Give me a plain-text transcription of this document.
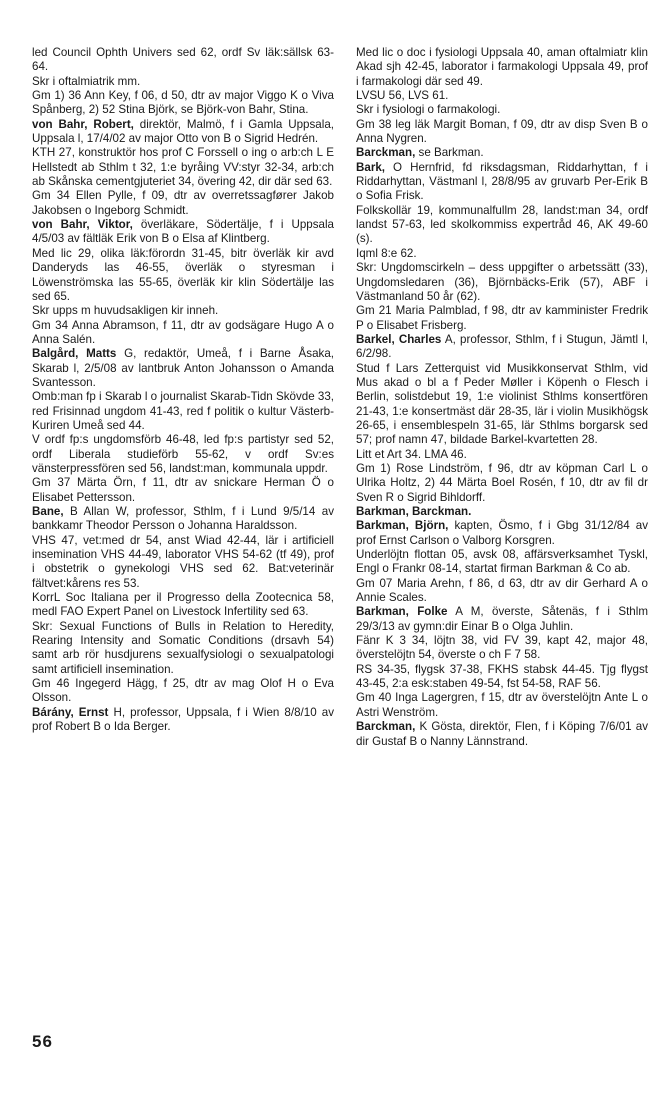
led Council Ophth Univers sed 62, ordf Sv läk:sällsk 63-64.

Skr i oftalmiatrik mm.

Gm 1) 36 Ann Key, f 06, d 50, dtr av major Viggo K o Viva Spånberg, 2) 52 Stina Björk, se Björk-von Bahr, Stina.

von Bahr, Robert, direktör, Malmö, f i Gamla Uppsala, Uppsala l, 17/4/02 av major Otto von B o Sigrid Hedrén.

KTH 27, konstruktör hos prof C Forssell o ing o arb:ch L E Hellstedt ab Sthlm t 32, 1:e byråing VV:styr 32-34, arb:ch ab Skånska cementgjuteriet 34, övering 42, dir där sed 63.

Gm 34 Ellen Pylle, f 09, dtr av overretssagfører Jakob Jakobsen o Ingeborg Schmidt.

von Bahr, Viktor, överläkare, Södertälje, f i Uppsala 4/5/03 av fältläk Erik von B o Elsa af Klintberg.

Med lic 29, olika läk:förordn 31-45, bitr överläk kir avd Danderyds las 46-55, överläk o styresman i Löwenströmska las 55-65, överläk kir klin Södertälje las sed 65.

Skr upps m huvudsakligen kir inneh.

Gm 34 Anna Abramson, f 11, dtr av godsägare Hugo A o Anna Salén.

Balgård, Matts G, redaktör, Umeå, f i Barne Åsaka, Skarab l, 2/5/08 av lantbruk Anton Johansson o Amanda Svantesson.

Omb:man fp i Skarab l o journalist Skarab-Tidn Skövde 33, red Frisinnad ungdom 41-43, red f politik o kultur Västerb-Kuriren Umeå sed 44.

V ordf fp:s ungdomsförb 46-48, led fp:s partistyr sed 52, ordf Liberala studieförb 55-62, v ordf Sv:es vänsterpressfören sed 56, landst:man, kommunala uppdr.

Gm 37 Märta Örn, f 11, dtr av snickare Herman Ö o Elisabet Pettersson.

Bane, B Allan W, professor, Sthlm, f i Lund 9/5/14 av bankkamr Theodor Persson o Johanna Haraldsson.

VHS 47, vet:med dr 54, anst Wiad 42-44, lär i artificiell insemination VHS 44-49, laborator VHS 54-62 (tf 49), prof i obstetrik o gynekologi VHS sed 62. Bat:veterinär fältvet:kårens res 53.

KorrL Soc Italiana per il Progresso della Zootecnica 58, medl FAO Expert Panel on Livestock Infertility sed 63.

Skr: Sexual Functions of Bulls in Relation to Heredity, Rearing Intensity and Somatic Conditions (drsavh 54) samt arb rör husdjurens sexualfysiologi o sexualpatologi samt artificiell insemination.

Gm 46 Ingegerd Hägg, f 25, dtr av mag Olof H o Eva Olsson.

Bárány, Ernst H, professor, Uppsala, f i Wien 8/8/10 av prof Robert B o Ida Berger.

Med lic o doc i fysiologi Uppsala 40, aman oftalmiatr klin Akad sjh 42-45, laborator i farmakologi Uppsala 49, prof i farmakologi där sed 49.

LVSU 56, LVS 61.

Skr i fysiologi o farmakologi.

Gm 38 leg läk Margit Boman, f 09, dtr av disp Sven B o Anna Nygren.

Barckman, se Barkman.

Bark, O Hernfrid, fd riksdagsman, Riddarhyttan, f i Riddarhyttan, Västmanl l, 28/8/95 av gruvarb Per-Erik B o Sofia Frisk.

Folkskollär 19, kommunalfullm 28, landst:man 34, ordf landst 57-63, led skolkommiss expertråd 46, AK 49-60 (s).

Iqml 8:e 62.

Skr: Ungdomscirkeln – dess uppgifter o arbetssätt (33), Ungdomsledaren (36), Björnbäcks-Erik (57), ABF i Västmanland 50 år (62).

Gm 21 Maria Palmblad, f 98, dtr av kamminister Fredrik P o Elisabet Frisberg.

Barkel, Charles A, professor, Sthlm, f i Stugun, Jämtl l, 6/2/98.

Stud f Lars Zetterquist vid Musikkonservat Sthlm, vid Mus akad o bl a f Peder Møller i Köpenh o Flesch i Berlin, solistdebut 19, 1:e violinist Sthlms konsertfören 21-43, 1:e konsertmäst där 28-35, lär i violin Musikhögsk 26-65, i ensemblespeln 31-65, lär Sthlms borgarsk sed 57; prof namn 47, bildade Barkel-kvartetten 28.

Litt et Art 34. LMA 46.

Gm 1) Rose Lindström, f 96, dtr av köpman Carl L o Ulrika Holtz, 2) 44 Märta Boel Rosén, f 10, dtr av fil dr Sven R o Sigrid Bihldorff.

Barkman, Barckman.

Barkman, Björn, kapten, Ösmo, f i Gbg 31/12/84 av prof Ernst Carlson o Valborg Korsgren.

Underlöjtn flottan 05, avsk 08, affärsverksamhet Tyskl, Engl o Frankr 08-14, startat firman Barkman & Co ab.

Gm 07 Maria Arehn, f 86, d 63, dtr av dir Gerhard A o Annie Scales.

Barkman, Folke A M, överste, Såtenäs, f i Sthlm 29/3/13 av gymn:dir Einar B o Olga Juhlin.

Fänr K 3 34, löjtn 38, vid FV 39, kapt 42, major 48, överstelöjtn 54, överste o ch F 7 58.

RS 34-35, flygsk 37-38, FKHS stabsk 44-45. Tjg flygst 43-45, 2:a esk:staben 49-54, fst 54-58, RAF 56.

Gm 40 Inga Lagergren, f 15, dtr av överstelöjtn Ante L o Astri Wenström.

Barckman, K Gösta, direktör, Flen, f i Köping 7/6/01 av dir Gustaf B o Nanny Lännstrand.

56
